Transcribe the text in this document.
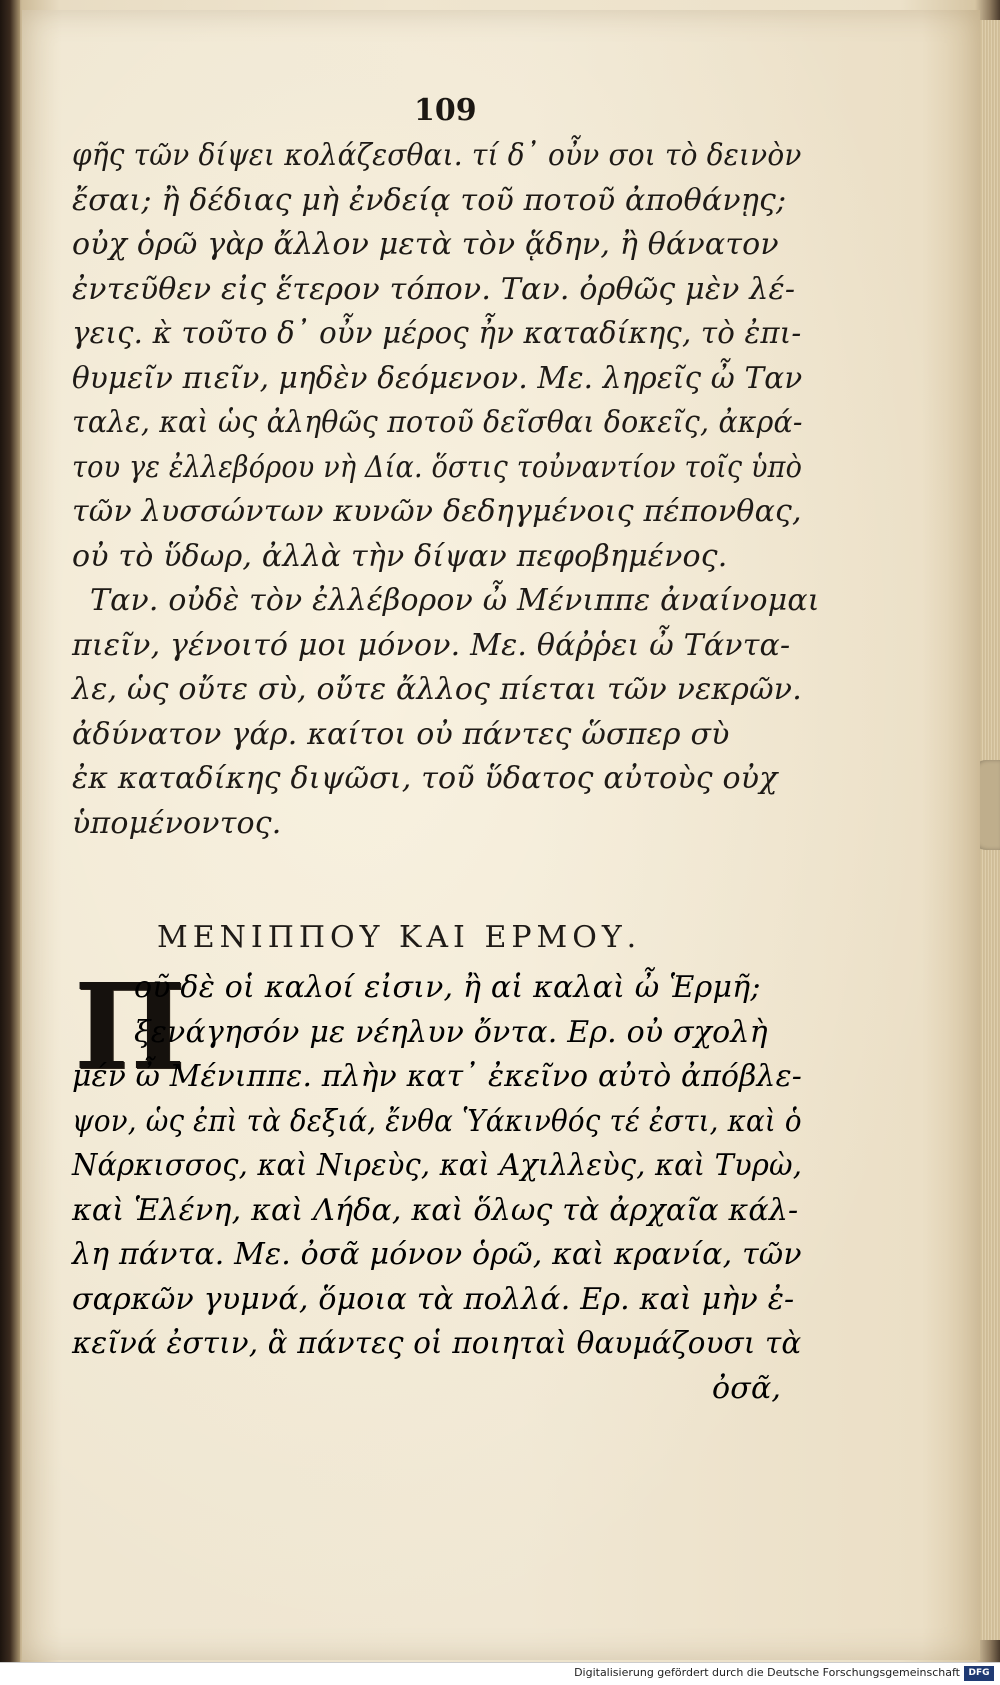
109
φῆς τῶν δίψει κολάζεσθαι. τί δ᾽ οὖν σοι τὸ δεινὸν
ἔσαι; ἢ δέδιας μὴ ἐνδείᾳ τοῦ ποτοῦ ἀποθάνῃς;
οὐχ ὁρῶ γὰρ ἄλλον μετὰ τὸν ᾅδην, ἢ θάνατον
ἐντεῦθεν εἰς ἕτερον τόπον. Ταν. ὀρθῶς μὲν λέ-
γεις. κ̀ τοῦτο δ᾽ οὖν μέρος ἦν καταδίκης, τὸ ἐπι-
θυμεῖν πιεῖν, μηδὲν δεόμενον. Με. ληρεῖς ὦ Ταν
ταλε, καὶ ὡς ἀληθῶς ποτοῦ δεῖσθαι δοκεῖς, ἀκρά-
του γε ἐλλεβόρου νὴ Δία. ὅστις τοὐναντίον τοῖς ὑπὸ
τῶν λυσσώντων κυνῶν δεδηγμένοις πέπονθας,
οὐ τὸ ὕδωρ, ἀλλὰ τὴν δίψαν πεφοβημένος.
Ταν. οὐδὲ τὸν ἐλλέβορον ὦ Μένιππε ἀναίνομαι
πιεῖν, γένοιτό μοι μόνον. Με. θάῤῥει ὦ Τάντα-
λε, ὡς οὔτε σὺ, οὔτε ἄλλος πίεται τῶν νεκρῶν.
ἀδύνατον γάρ. καίτοι οὐ πάντες ὥσπερ σὺ
ἐκ καταδίκης διψῶσι, τοῦ ὕδατος αὐτοὺς οὐχ
ὑπομένοντος.
ΜΕΝΙΠΠΟΥ ΚΑΙ ΕΡΜΟΥ.
Π
οῦ δὲ οἱ καλοί εἰσιν, ἢ αἱ καλαὶ ὦ Ἑρμῆ;
ξενάγησόν με νέηλυν ὄντα. Ερ. οὐ σχολὴ
μέν ὦ Μένιππε. πλὴν κατ᾽ ἐκεῖνο αὐτὸ ἀπόβλε-
ψον, ὡς ἐπὶ τὰ δεξιά, ἔνθα Ὑάκινθός τέ ἐστι, καὶ ὁ
Νάρκισσος, καὶ Νιρεὺς, καὶ Αχιλλεὺς, καὶ Τυρὼ,
καὶ Ἑλένη, καὶ Λήδα, καὶ ὅλως τὰ ἀρχαῖα κάλ-
λη πάντα. Με. ὀσᾶ μόνον ὁρῶ, καὶ κρανία, τῶν
σαρκῶν γυμνά, ὅμοια τὰ πολλά. Ερ. καὶ μὴν ἐ-
κεῖνά ἐστιν, ἃ πάντες οἱ ποιηταὶ θαυμάζουσι τὰ
ὀσᾶ,
Digitalisierung gefördert durch die Deutsche Forschungsgemeinschaft DFG
